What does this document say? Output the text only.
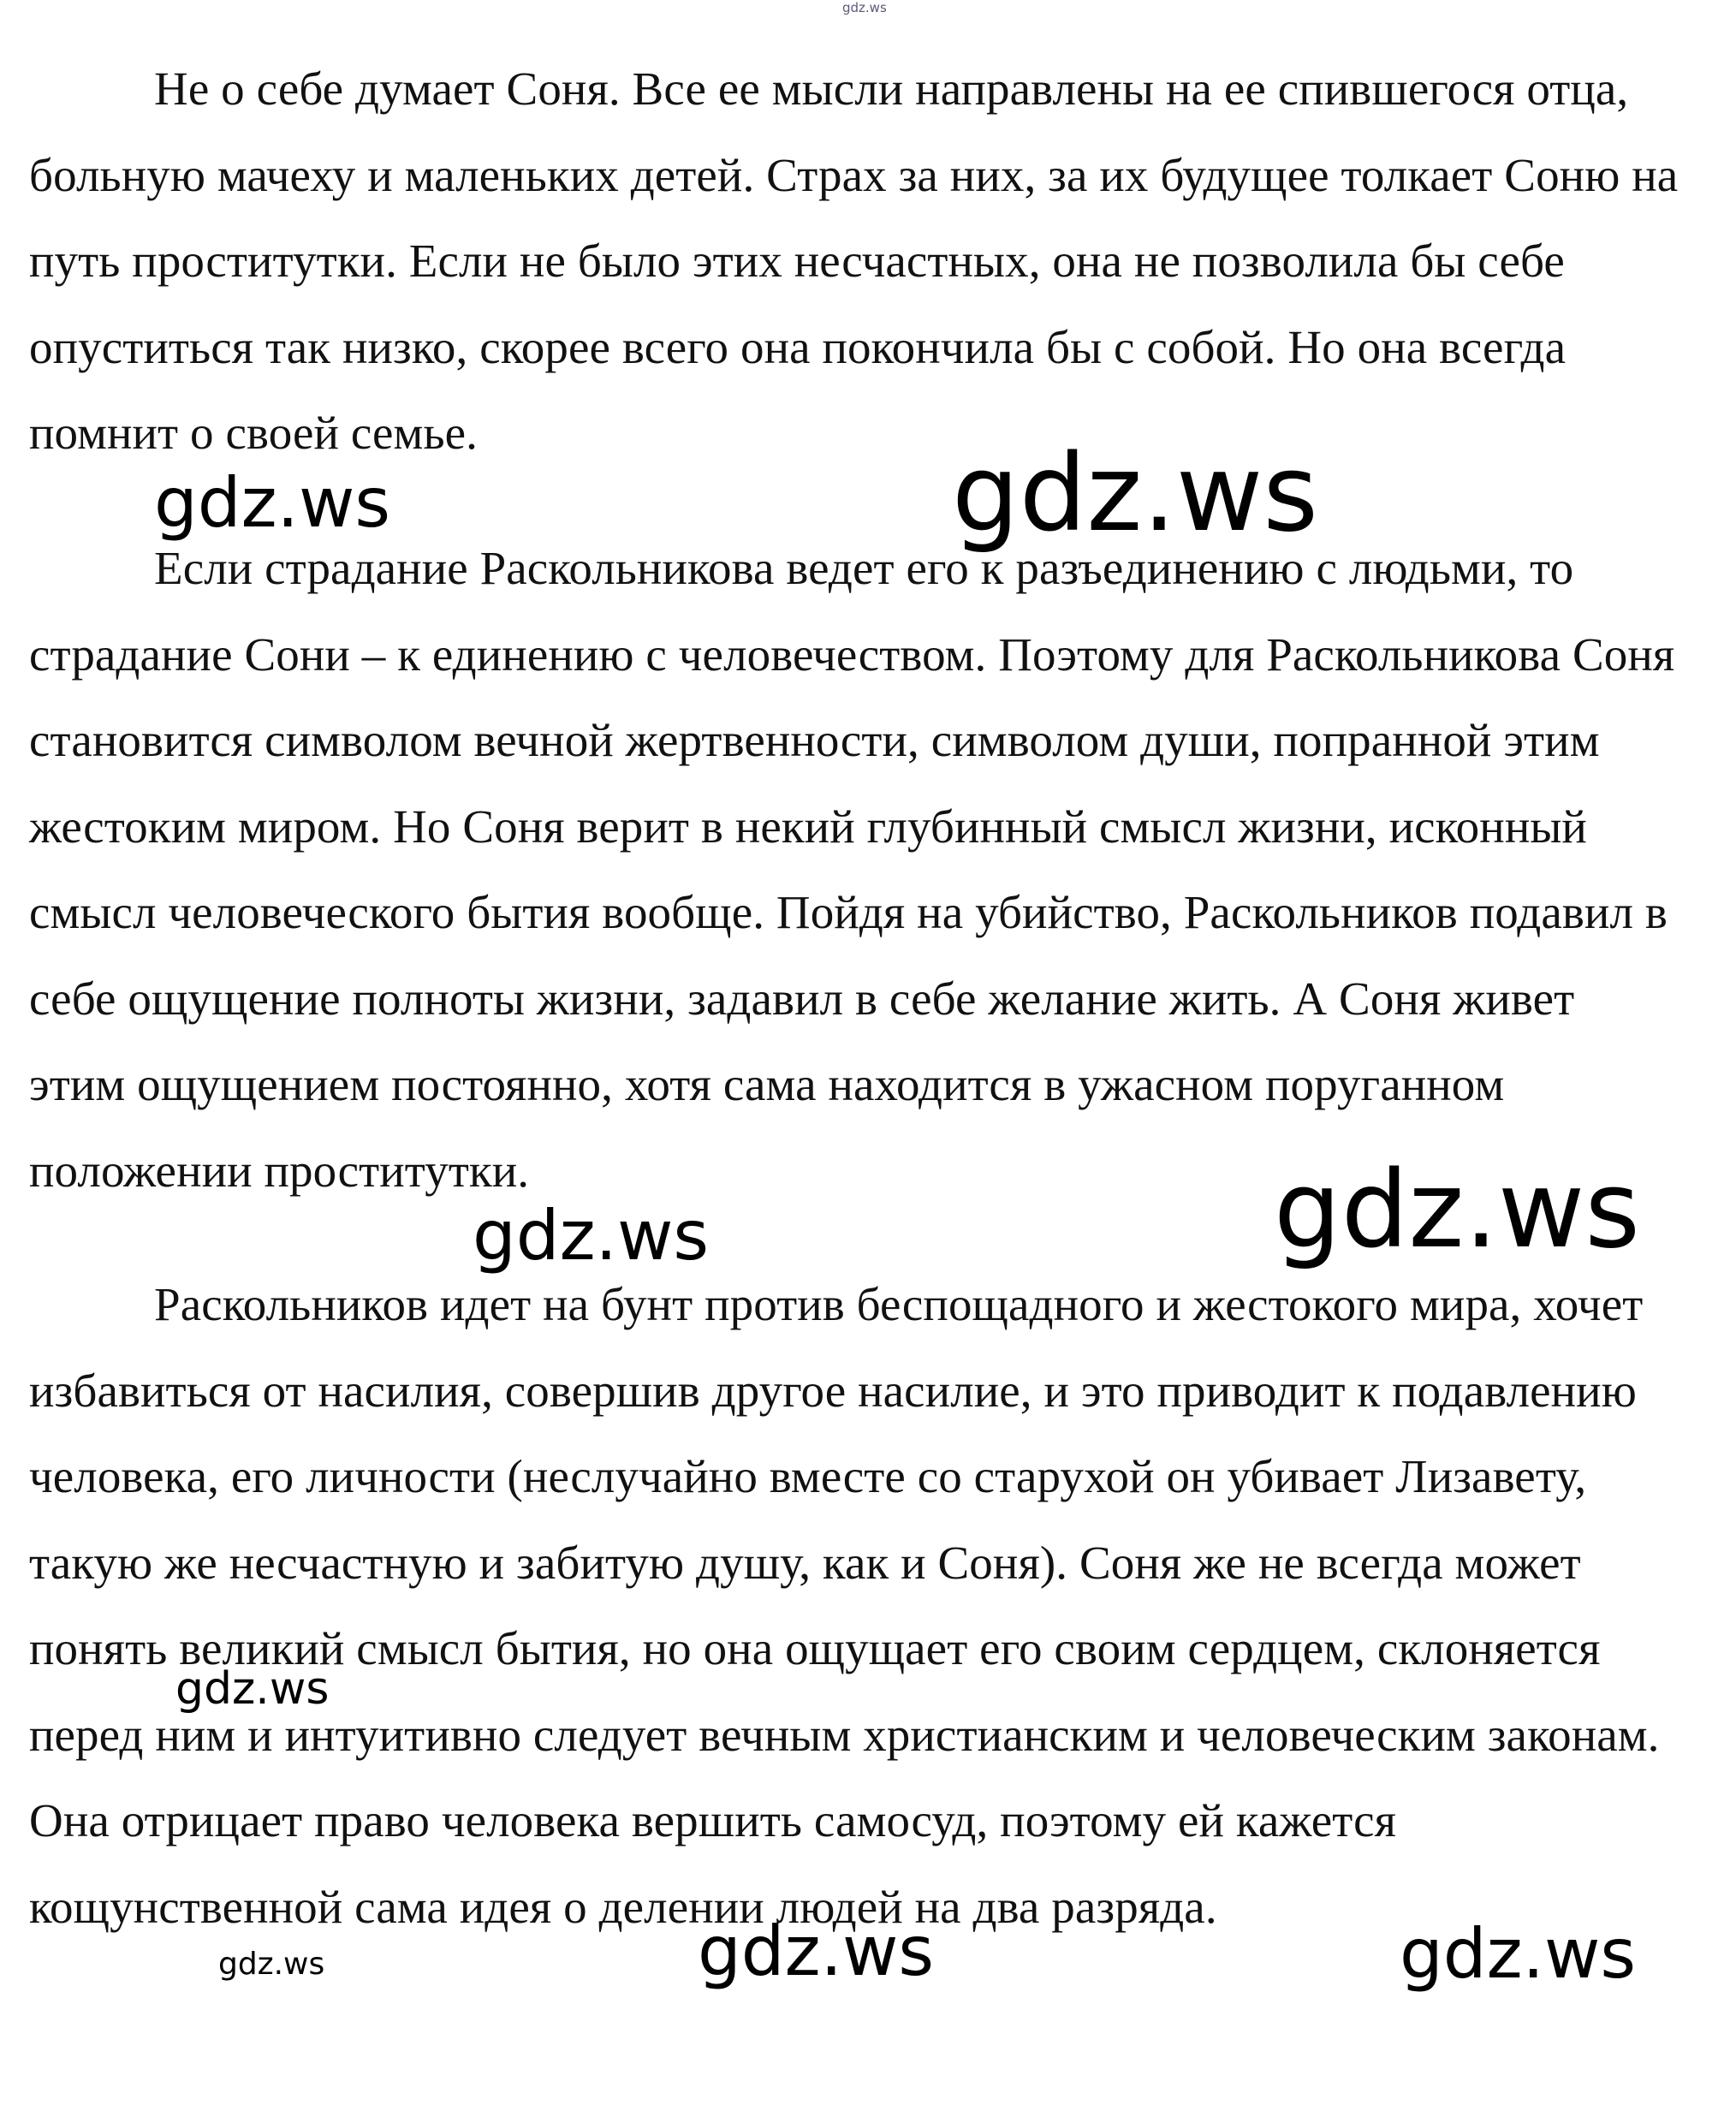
Не о себе думает Соня. Все ее мысли направлены на ее спившегося отца, больную мачеху и маленьких детей. Страх за них, за их будущее толкает Соню на путь проститутки. Если не было этих несчастных, она не позволила бы себе опуститься так низко, скорее всего она покончила бы с собой. Но она всегда помнит о своей семье.

Если страдание Раскольникова ведет его к разъединению с людьми, то страдание Сони – к единению с человечеством. Поэтому для Раскольникова Соня становится символом вечной жертвенности, символом души, попранной этим жестоким миром. Но Соня верит в некий глубинный смысл жизни, исконный смысл человеческого бытия вообще. Пойдя на убийство, Раскольников подавил в себе ощущение полноты жизни, задавил в себе желание жить. А Соня живет этим ощущением постоянно, хотя сама находится в ужасном поруганном положении проститутки.

Раскольников идет на бунт против беспощадного и жестокого мира, хочет избавиться от насилия, совершив другое насилие, и это приводит к подавлению человека, его личности (неслучайно вместе со старухой он убивает Лизавету, такую же несчастную и забитую душу, как и Соня). Соня же не всегда может понять великий смысл бытия, но она ощущает его своим сердцем, склоняется перед ним и интуитивно следует вечным христианским и человеческим законам. Она отрицает право человека вершить самосуд, поэтому ей кажется кощунственной сама идея о делении людей на два разряда.

gdz.ws
gdz.ws	gdz.ws
gdz.ws
gdz.ws
gdz.ws
gdz.ws	gdz.ws
gdz.ws
